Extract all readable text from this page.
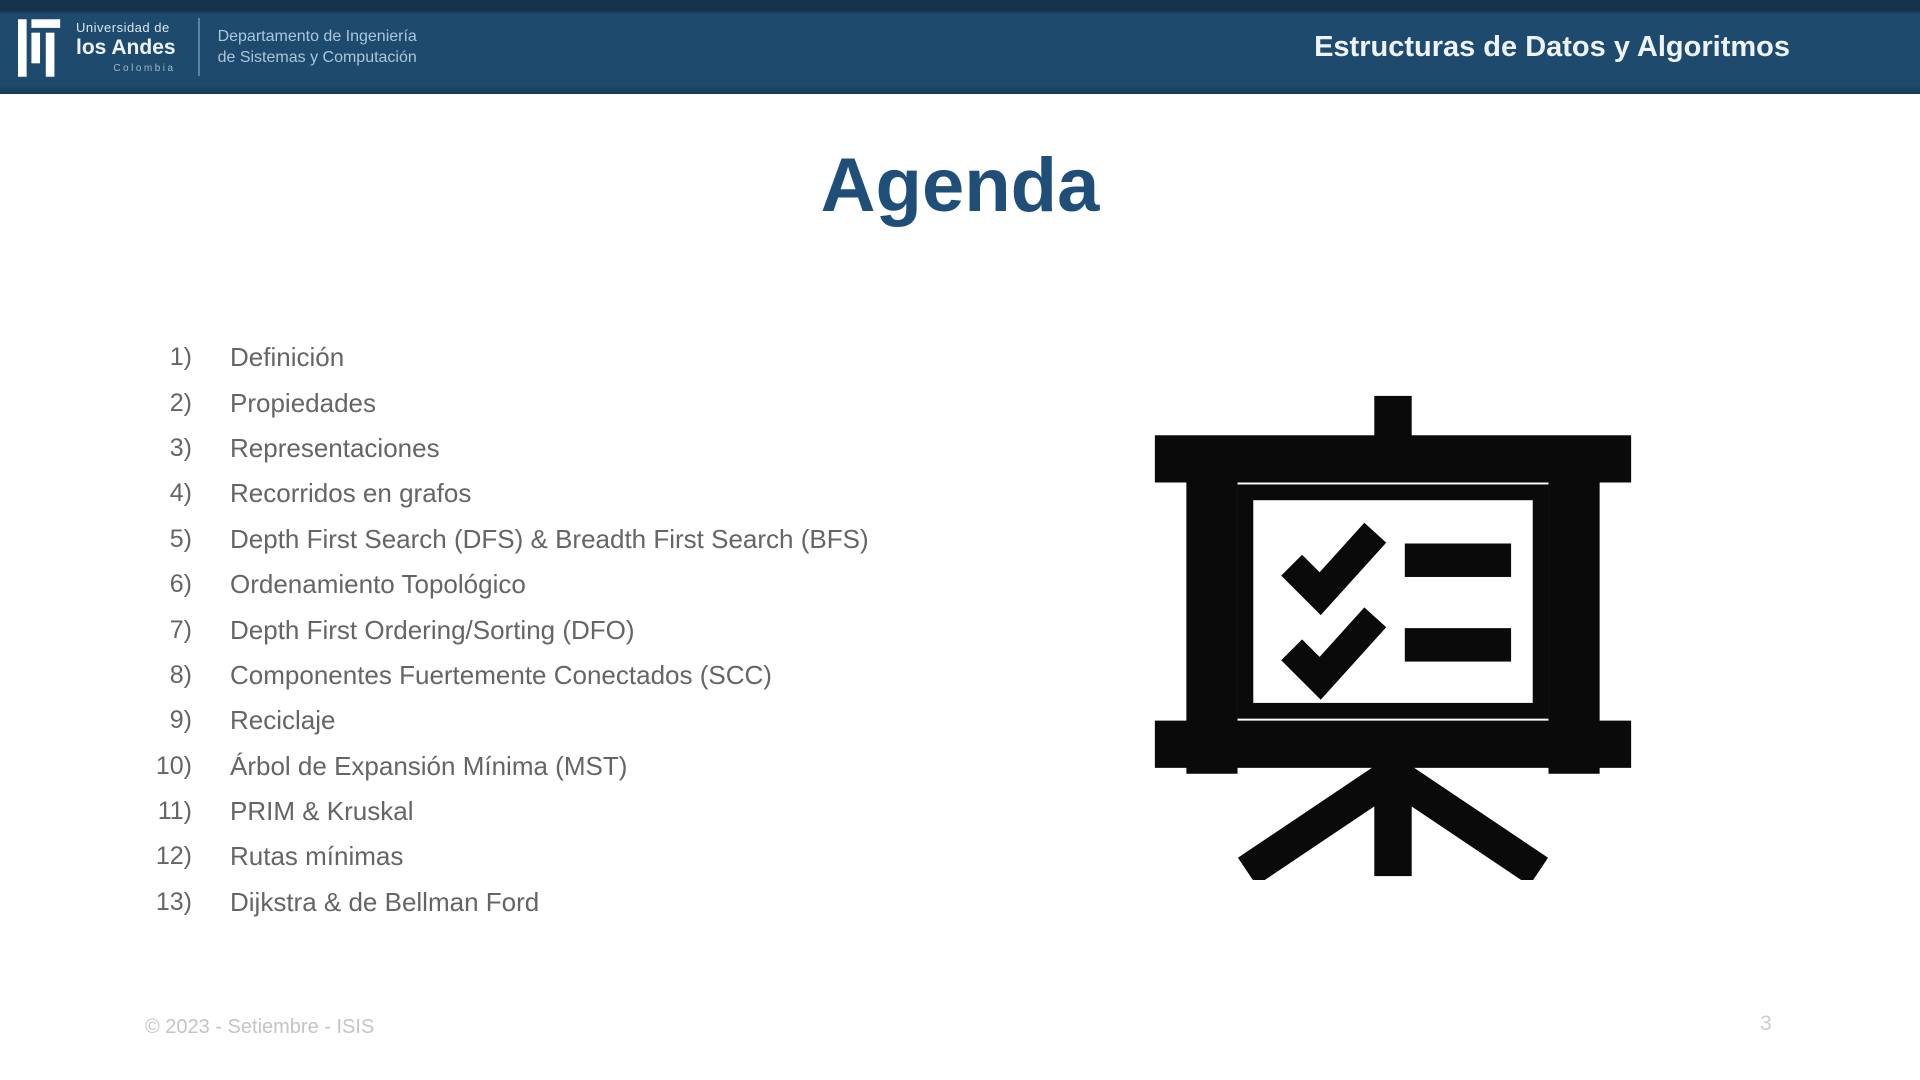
Universidad de
los Andes
Colombia
Departamento de Ingeniería
de Sistemas y Computación	Estructuras de Datos y Algoritmos
Agenda
1) Definición
2) Propiedades
3) Representaciones
4) Recorridos en grafos
5) Depth First Search (DFS) & Breadth First Search (BFS)
6) Ordenamiento Topológico
7) Depth First Ordering/Sorting (DFO)
8) Componentes Fuertemente Conectados (SCC)
9) Reciclaje
10) Árbol de Expansión Mínima (MST)
11) PRIM & Kruskal
12) Rutas mínimas
13) Dijkstra & de Bellman Ford
© 2023 - Setiembre - ISIS	3
